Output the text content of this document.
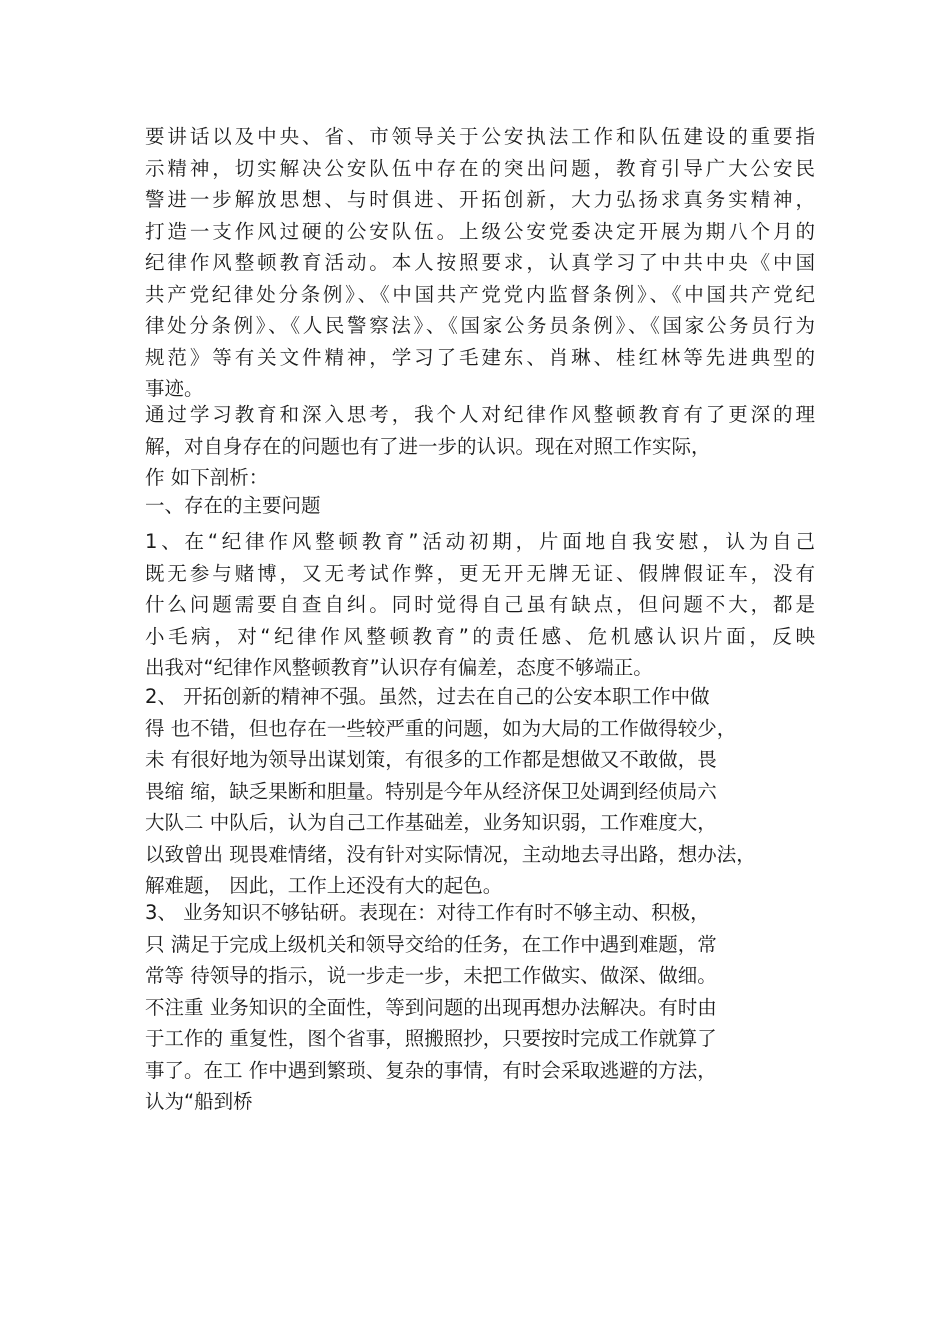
要讲话以及中央、省、市领导关于公安执法工作和队伍建设的重要指
示精神，切实解决公安队伍中存在的突出问题，教育引导广大公安民
警进一步解放思想、与时俱进、开拓创新，大力弘扬求真务实精神，
打造一支作风过硬的公安队伍。上级公安党委决定开展为期八个月的
纪律作风整顿教育活动。本人按照要求，认真学习了中共中央《中国
共产党纪律处分条例》、《中国共产党党内监督条例》、《中国共产党纪
律处分条例》、《人民警察法》、《国家公务员条例》、《国家公务员行为
规范》等有关文件精神，学习了毛建东、肖琳、桂红林等先进典型的
事迹。
通过学习教育和深入思考，我个人对纪律作风整顿教育有了更深的理
解，对自身存在的问题也有了进一步的认识。现在对照工作实际，
作 如下剖析：
一、存在的主要问题
1、在“纪律作风整顿教育”活动初期，片面地自我安慰，认为自己
既无参与赌博，又无考试作弊，更无开无牌无证、假牌假证车，没有
什么问题需要自查自纠。同时觉得自己虽有缺点，但问题不大，都是
小毛病，对“纪律作风整顿教育”的责任感、危机感认识片面，反映
出我对“纪律作风整顿教育”认识存有偏差，态度不够端正。
2、 开拓创新的精神不强。虽然，过去在自己的公安本职工作中做
得 也不错，但也存在一些较严重的问题，如为大局的工作做得较少，
未 有很好地为领导出谋划策，有很多的工作都是想做又不敢做，畏
畏缩 缩，缺乏果断和胆量。特别是今年从经济保卫处调到经侦局六
大队二 中队后，认为自己工作基础差，业务知识弱，工作难度大，
以致曾出 现畏难情绪，没有针对实际情况，主动地去寻出路，想办法，
解难题， 因此，工作上还没有大的起色。
3、 业务知识不够钻研。表现在：对待工作有时不够主动、积极，
只 满足于完成上级机关和领导交给的任务，在工作中遇到难题，常
常等 待领导的指示，说一步走一步，未把工作做实、做深、做细。
不注重 业务知识的全面性，等到问题的出现再想办法解决。有时由
于工作的 重复性，图个省事，照搬照抄，只要按时完成工作就算了
事了。在工 作中遇到繁琐、复杂的事情，有时会采取逃避的方法，
认为“船到桥
